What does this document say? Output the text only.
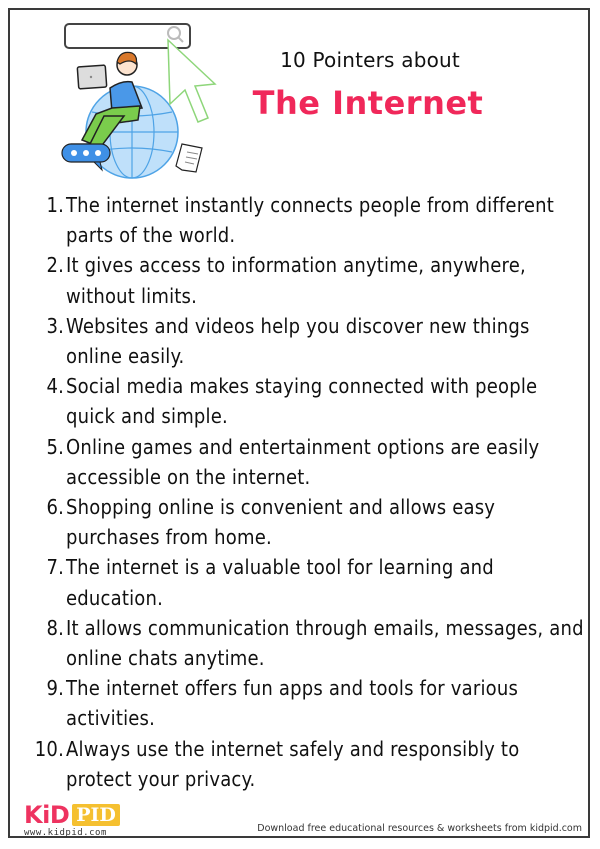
10 Pointers about
The Internet
1. The internet instantly connects people from different parts of the world.
2. It gives access to information anytime, anywhere, without limits.
3. Websites and videos help you discover new things online easily.
4. Social media makes staying connected with people quick and simple.
5. Online games and entertainment options are easily accessible on the internet.
6. Shopping online is convenient and allows easy purchases from home.
7. The internet is a valuable tool for learning and education.
8. It allows communication through emails, messages, and online chats anytime.
9. The internet offers fun apps and tools for various activities.
10. Always use the internet safely and responsibly to protect your privacy.
KiD PID
www.kidpid.com	Download free educational resources & worksheets from kidpid.com
